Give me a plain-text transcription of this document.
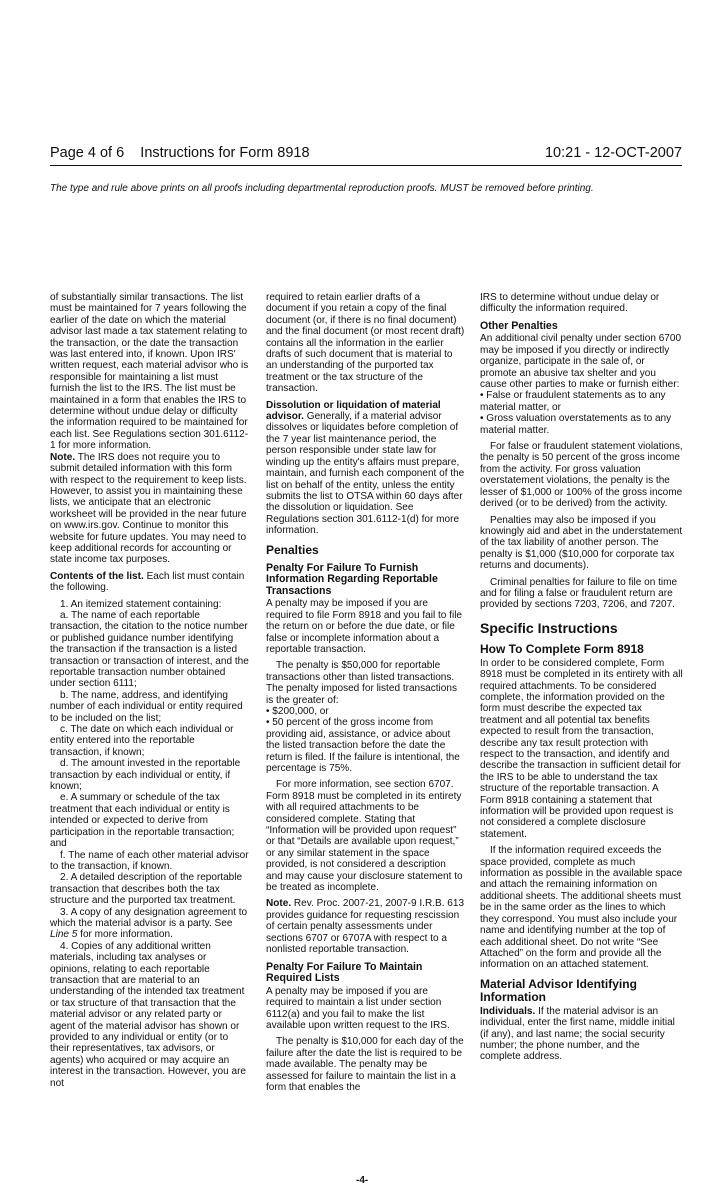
Page 4 of 6    Instructions for Form 8918	10:21 - 12-OCT-2007
The type and rule above prints on all proofs including departmental reproduction proofs. MUST be removed before printing.

of substantially similar transactions. The list must be maintained for 7 years following the earlier of the date on which the material advisor last made a tax statement relating to the transaction, or the date the transaction was last entered into, if known. Upon IRS' written request, each material advisor who is responsible for maintaining a list must furnish the list to the IRS. The list must be maintained in a form that enables the IRS to determine without undue delay or difficulty the information required to be maintained for each list. See Regulations section 301.6112-1 for more information.

Note. The IRS does not require you to submit detailed information with this form with respect to the requirement to keep lists. However, to assist you in maintaining these lists, we anticipate that an electronic worksheet will be provided in the near future on www.irs.gov. Continue to monitor this website for future updates. You may need to keep additional records for accounting or state income tax purposes.

Contents of the list. Each list must contain the following.

1. An itemized statement containing:

a. The name of each reportable transaction, the citation to the notice number or published guidance number identifying the transaction if the transaction is a listed transaction or transaction of interest, and the reportable transaction number obtained under section 6111;

b. The name, address, and identifying number of each individual or entity required to be included on the list;

c. The date on which each individual or entity entered into the reportable transaction, if known;

d. The amount invested in the reportable transaction by each individual or entity, if known;

e. A summary or schedule of the tax treatment that each individual or entity is intended or expected to derive from participation in the reportable transaction; and

f. The name of each other material advisor to the transaction, if known.

2. A detailed description of the reportable transaction that describes both the tax structure and the purported tax treatment.

3. A copy of any designation agreement to which the material advisor is a party. See Line 5 for more information.

4. Copies of any additional written materials, including tax analyses or opinions, relating to each reportable transaction that are material to an understanding of the intended tax treatment or tax structure of that transaction that the material advisor or any related party or agent of the material advisor has shown or provided to any individual or entity (or to their representatives, tax advisors, or agents) who acquired or may acquire an interest in the transaction. However, you are not

required to retain earlier drafts of a document if you retain a copy of the final document (or, if there is no final document) and the final document (or most recent draft) contains all the information in the earlier drafts of such document that is material to an understanding of the purported tax treatment or the tax structure of the transaction.

Dissolution or liquidation of material advisor. Generally, if a material advisor dissolves or liquidates before completion of the 7 year list maintenance period, the person responsible under state law for winding up the entity's affairs must prepare, maintain, and furnish each component of the list on behalf of the entity, unless the entity submits the list to OTSA within 60 days after the dissolution or liquidation. See Regulations section 301.6112-1(d) for more information.

Penalties
Penalty For Failure To Furnish Information Regarding Reportable Transactions

A penalty may be imposed if you are required to file Form 8918 and you fail to file the return on or before the due date, or file false or incomplete information about a reportable transaction.

The penalty is $50,000 for reportable transactions other than listed transactions. The penalty imposed for listed transactions is the greater of:

• $200,000, or

• 50 percent of the gross income from providing aid, assistance, or advice about the listed transaction before the date the return is filed. If the failure is intentional, the percentage is 75%.

For more information, see section 6707. Form 8918 must be completed in its entirety with all required attachments to be considered complete. Stating that “Information will be provided upon request” or that “Details are available upon request,” or any similar statement in the space provided, is not considered a description and may cause your disclosure statement to be treated as incomplete.

Note. Rev. Proc. 2007-21, 2007-9 I.R.B. 613 provides guidance for requesting rescission of certain penalty assessments under sections 6707 or 6707A with respect to a nonlisted reportable transaction.

Penalty For Failure To Maintain Required Lists

A penalty may be imposed if you are required to maintain a list under section 6112(a) and you fail to make the list available upon written request to the IRS.

The penalty is $10,000 for each day of the failure after the date the list is required to be made available. The penalty may be assessed for failure to maintain the list in a form that enables the

IRS to determine without undue delay or difficulty the information required.

Other Penalties

An additional civil penalty under section 6700 may be imposed if you directly or indirectly organize, participate in the sale of, or promote an abusive tax shelter and you cause other parties to make or furnish either:

• False or fraudulent statements as to any material matter, or

• Gross valuation overstatements as to any material matter.

For false or fraudulent statement violations, the penalty is 50 percent of the gross income from the activity. For gross valuation overstatement violations, the penalty is the lesser of $1,000 or 100% of the gross income derived (or to be derived) from the activity.

Penalties may also be imposed if you knowingly aid and abet in the understatement of the tax liability of another person. The penalty is $1,000 ($10,000 for corporate tax returns and documents).

Criminal penalties for failure to file on time and for filing a false or fraudulent return are provided by sections 7203, 7206, and 7207.

Specific Instructions
How To Complete Form 8918

In order to be considered complete, Form 8918 must be completed in its entirety with all required attachments. To be considered complete, the information provided on the form must describe the expected tax treatment and all potential tax benefits expected to result from the transaction, describe any tax result protection with respect to the transaction, and identify and describe the transaction in sufficient detail for the IRS to be able to understand the tax structure of the reportable transaction. A Form 8918 containing a statement that information will be provided upon request is not considered a complete disclosure statement.

If the information required exceeds the space provided, complete as much information as possible in the available space and attach the remaining information on additional sheets. The additional sheets must be in the same order as the lines to which they correspond. You must also include your name and identifying number at the top of each additional sheet. Do not write “See Attached” on the form and provide all the information on an attached statement.

Material Advisor Identifying Information

Individuals. If the material advisor is an individual, enter the first name, middle initial (if any), and last name; the social security number; the phone number, and the complete address.

-4-
